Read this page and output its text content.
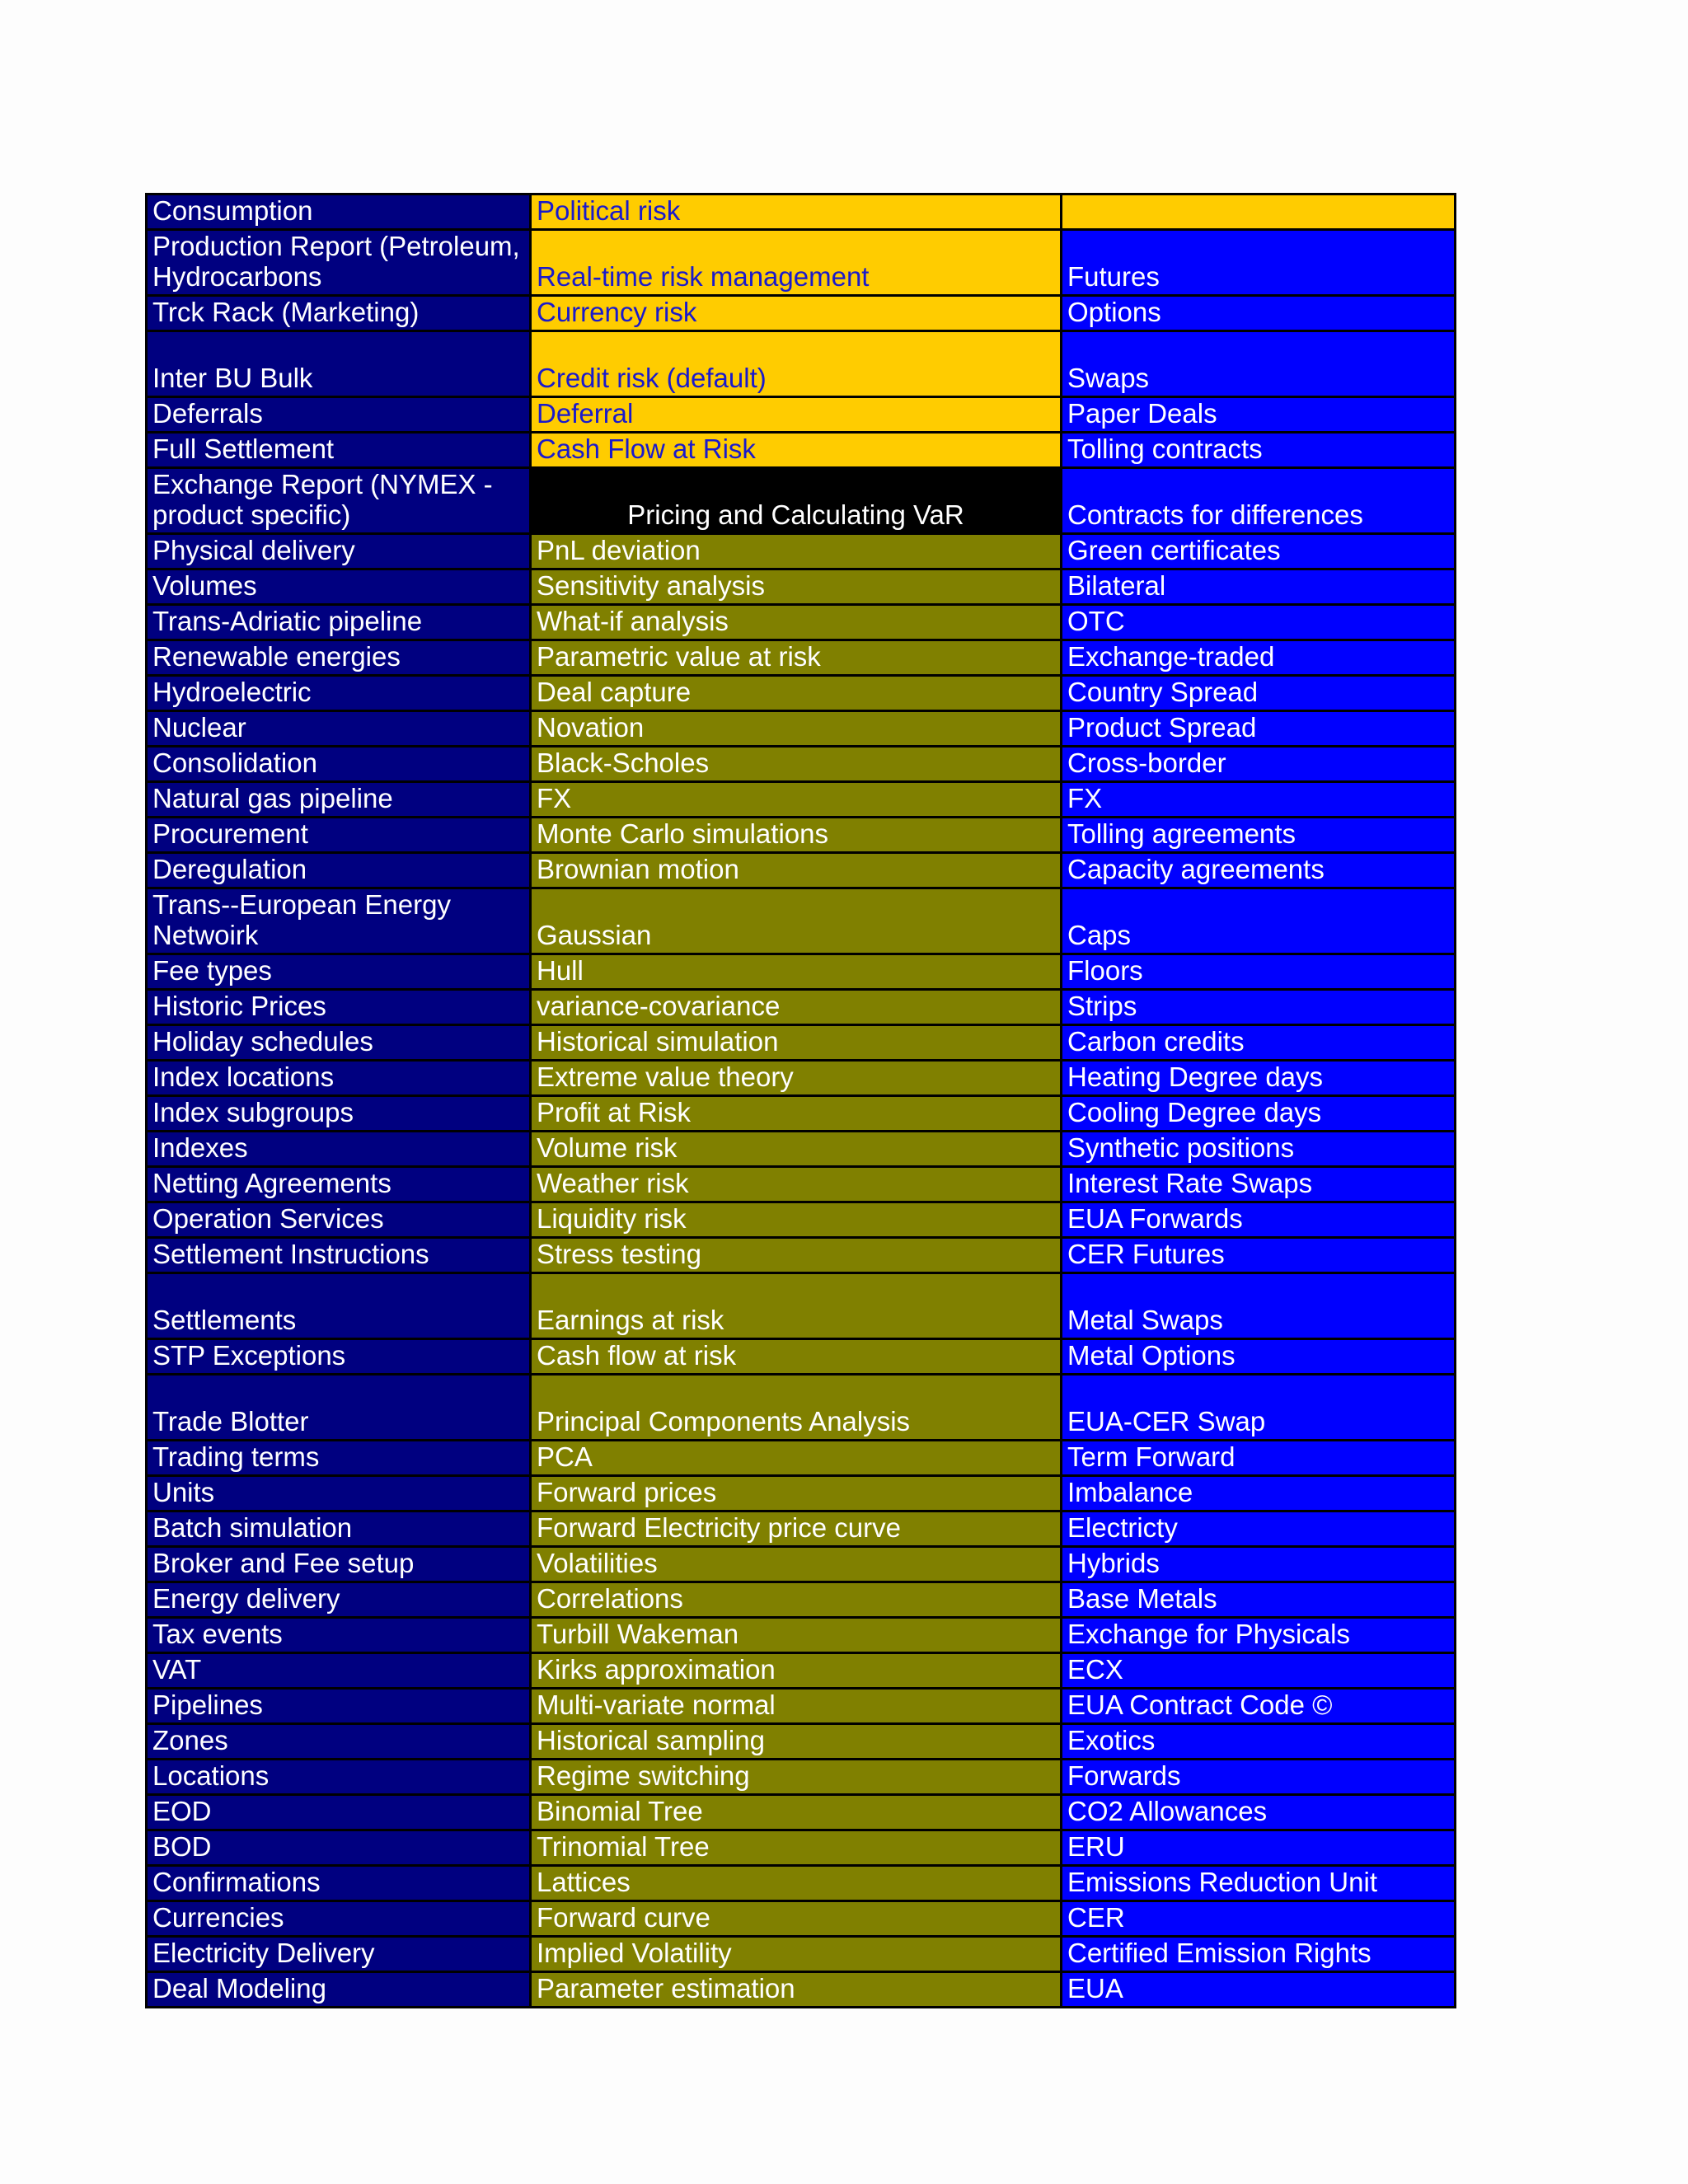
Consumption	Political risk	
Production Report (Petroleum,
Hydrocarbons	Real-time risk management	Futures
Trck Rack (Marketing)	Currency risk	Options
Inter BU Bulk	Credit risk (default)	Swaps
Deferrals	Deferral	Paper Deals
Full Settlement	Cash Flow at Risk	Tolling contracts
Exchange Report (NYMEX -
product specific)	Pricing and Calculating VaR	Contracts for differences
Physical delivery	PnL deviation	Green certificates
Volumes	Sensitivity analysis	Bilateral
Trans-Adriatic pipeline	What-if analysis	OTC
Renewable energies	Parametric value at risk	Exchange-traded
Hydroelectric	Deal capture	Country Spread
Nuclear	Novation	Product Spread
Consolidation	Black-Scholes	Cross-border
Natural gas pipeline	FX	FX
Procurement	Monte Carlo simulations	Tolling agreements
Deregulation	Brownian motion	Capacity agreements
Trans--European Energy
Netwoirk	Gaussian	Caps
Fee types	Hull	Floors
Historic Prices	variance-covariance	Strips
Holiday schedules	Historical simulation	Carbon credits
Index locations	Extreme value theory	Heating Degree days
Index subgroups	Profit at Risk	Cooling Degree days
Indexes	Volume risk	Synthetic positions
Netting Agreements	Weather risk	Interest Rate Swaps
Operation Services	Liquidity risk	EUA Forwards
Settlement Instructions	Stress testing	CER Futures
Settlements	Earnings at risk	Metal Swaps
STP Exceptions	Cash flow at risk	Metal Options
Trade Blotter	Principal Components Analysis	EUA-CER Swap
Trading terms	PCA	Term Forward
Units	Forward prices	Imbalance
Batch simulation	Forward Electricity price curve	Electricty
Broker and Fee setup	Volatilities	Hybrids
Energy delivery	Correlations	Base Metals
Tax events	Turbill Wakeman	Exchange for Physicals
VAT	Kirks approximation	ECX
Pipelines	Multi-variate normal	EUA Contract Code ©
Zones	Historical sampling	Exotics
Locations	Regime switching	Forwards
EOD	Binomial Tree	CO2 Allowances
BOD	Trinomial Tree	ERU
Confirmations	Lattices	Emissions Reduction Unit
Currencies	Forward curve	CER
Electricity Delivery	Implied Volatility	Certified Emission Rights
Deal Modeling	Parameter estimation	EUA
